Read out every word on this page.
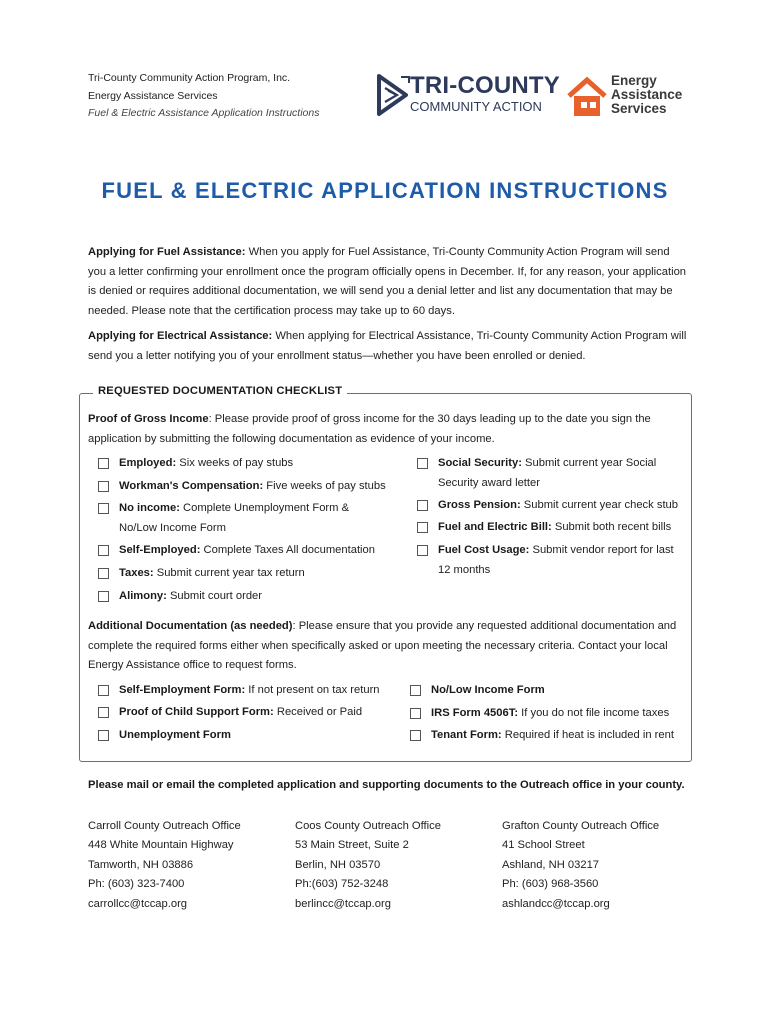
Tri-County Community Action Program, Inc.
Energy Assistance Services
Fuel & Electric Assistance Application Instructions
TRI-COUNTY
COMMUNITY ACTION
Energy
Assistance
Services
FUEL & ELECTRIC APPLICATION INSTRUCTIONS
Applying for Fuel Assistance: When you apply for Fuel Assistance, Tri-County Community Action Program will send you a letter confirming your enrollment once the program officially opens in December. If, for any reason, your application is denied or requires additional documentation, we will send you a denial letter and list any documentation that may be needed. Please note that the certification process may take up to 60 days.
Applying for Electrical Assistance: When applying for Electrical Assistance, Tri-County Community Action Program will send you a letter notifying you of your enrollment status—whether you have been enrolled or denied.
REQUESTED DOCUMENTATION CHECKLIST
Proof of Gross Income: Please provide proof of gross income for the 30 days leading up to the date you sign the application by submitting the following documentation as evidence of your income.
Employed: Six weeks of pay stubs
Workman's Compensation: Five weeks of pay stubs
No income: Complete Unemployment Form & No/Low Income Form
Self-Employed: Complete Taxes All documentation
Taxes: Submit current year tax return
Alimony: Submit court order
Social Security: Submit current year Social Security award letter
Gross Pension: Submit current year check stub
Fuel and Electric Bill: Submit both recent bills
Fuel Cost Usage: Submit vendor report for last 12 months
Additional Documentation (as needed): Please ensure that you provide any requested additional documentation and complete the required forms either when specifically asked or upon meeting the necessary criteria. Contact your local Energy Assistance office to request forms.
Self-Employment Form: If not present on tax return
Proof of Child Support Form: Received or Paid
Unemployment Form
No/Low Income Form
IRS Form 4506T: If you do not file income taxes
Tenant Form: Required if heat is included in rent
Please mail or email the completed application and supporting documents to the Outreach office in your county.
Carroll County Outreach Office
448 White Mountain Highway
Tamworth, NH 03886
Ph: (603) 323-7400
carrollcc@tccap.org
Coos County Outreach Office
53 Main Street, Suite 2
Berlin, NH 03570
Ph:(603) 752-3248
berlincc@tccap.org
Grafton County Outreach Office
41 School Street
Ashland, NH 03217
Ph: (603) 968-3560
ashlandcc@tccap.org
